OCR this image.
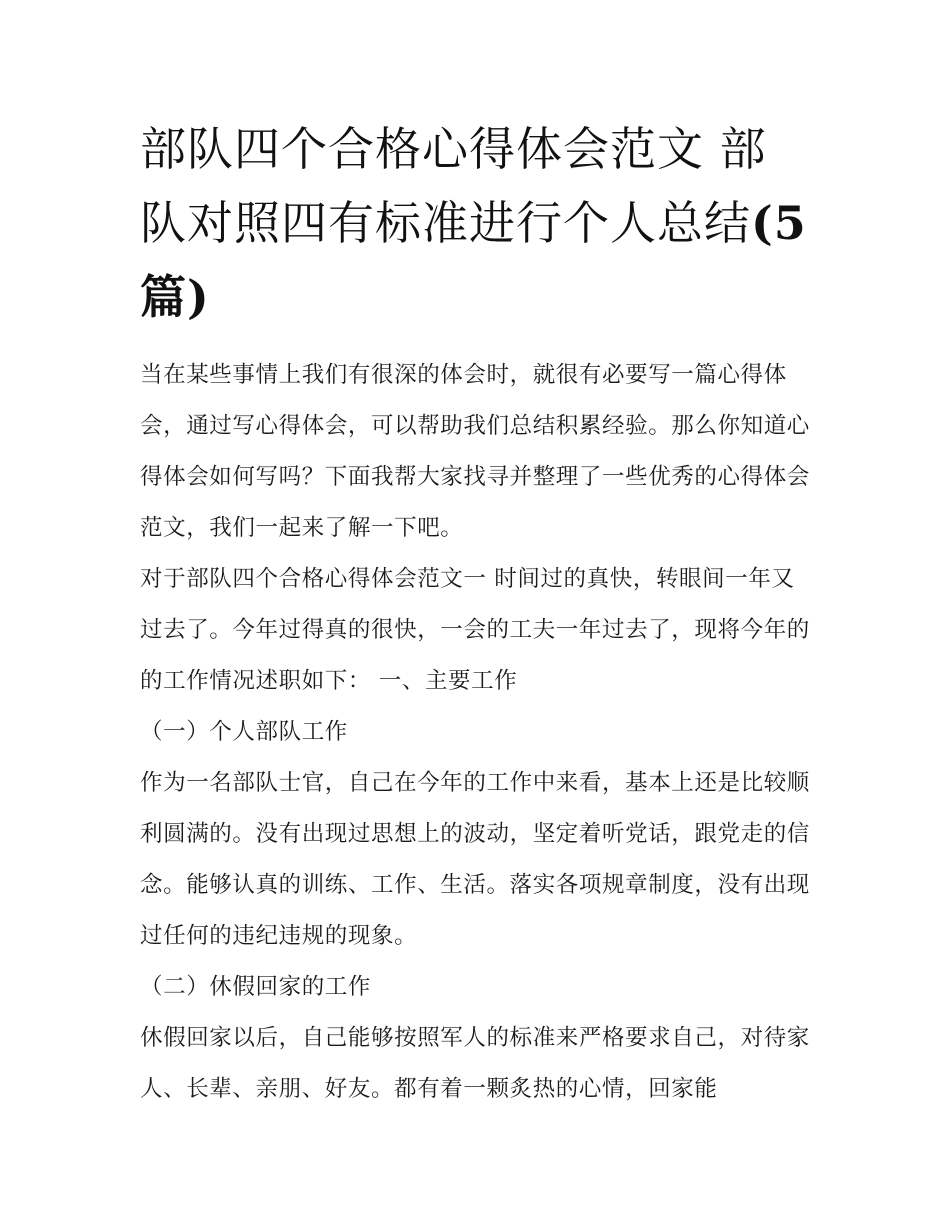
部队四个合格心得体会范文 部队对照四有标准进行个人总结(5 篇)

当在某些事情上我们有很深的体会时，就很有必要写一篇心得体会，通过写心得体会，可以帮助我们总结积累经验。那么你知道心得体会如何写吗？下面我帮大家找寻并整理了一些优秀的心得体会范文，我们一起来了解一下吧。

对于部队四个合格心得体会范文一 时间过的真快，转眼间一年又过去了。今年过得真的很快，一会的工夫一年过去了，现将今年的的工作情况述职如下： 一、主要工作

（一）个人部队工作

作为一名部队士官，自己在今年的工作中来看，基本上还是比较顺利圆满的。没有出现过思想上的波动，坚定着听党话，跟党走的信念。能够认真的训练、工作、生活。落实各项规章制度，没有出现过任何的违纪违规的现象。

（二）休假回家的工作

休假回家以后，自己能够按照军人的标准来严格要求自己，对待家人、长辈、亲朋、好友。都有着一颗炙热的心情，回家能
